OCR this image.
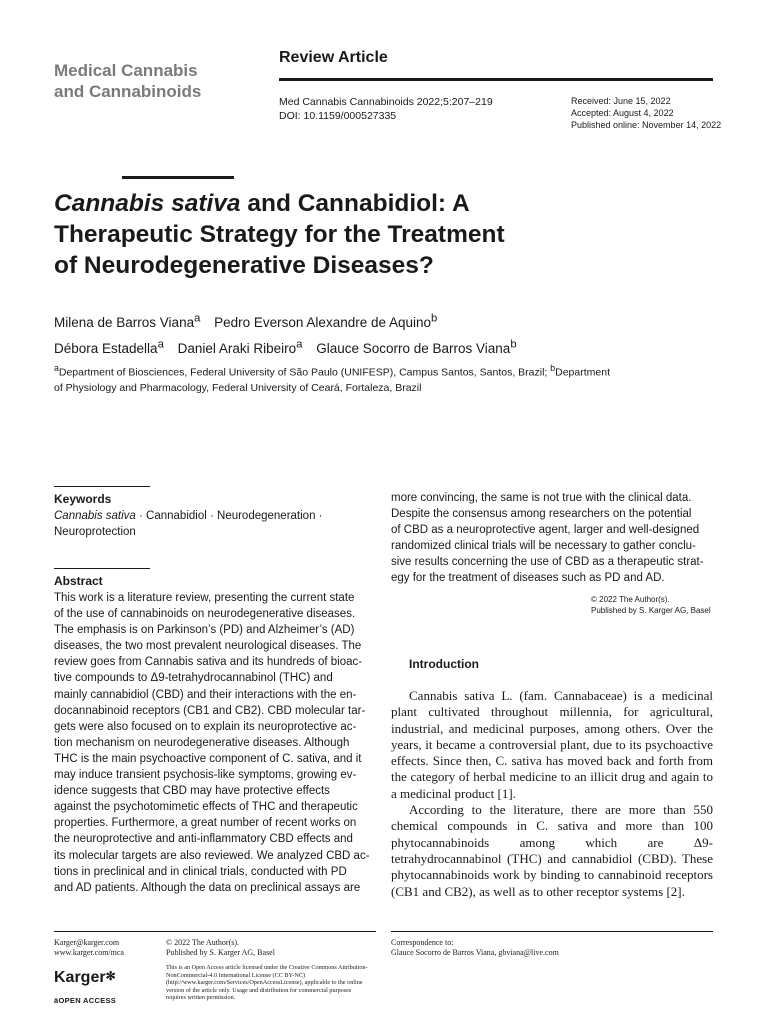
Medical Cannabis
and Cannabinoids
Review Article
Med Cannabis Cannabinoids 2022;5:207–219
DOI: 10.1159/000527335
Received: June 15, 2022
Accepted: August 4, 2022
Published online: November 14, 2022
Cannabis sativa and Cannabidiol: A
Therapeutic Strategy for the Treatment
of Neurodegenerative Diseases?
Milena de Barros Viana$^a$ Pedro Everson Alexandre de Aquino$^b$
Débora Estadella$^a$ Daniel Araki Ribeiro$^a$ Glauce Socorro de Barros Viana$^b$
$^a$Department of Biosciences, Federal University of São Paulo (UNIFESP), Campus Santos, Santos, Brazil; $^b$Department of Physiology and Pharmacology, Federal University of Ceará, Fortaleza, Brazil
Keywords
Cannabis sativa · Cannabidiol · Neurodegeneration ·
Neuroprotection
Abstract
This work is a literature review, presenting the current state
of the use of cannabinoids on neurodegenerative diseases.
The emphasis is on Parkinson’s (PD) and Alzheimer’s (AD)
diseases, the two most prevalent neurological diseases. The
review goes from Cannabis sativa and its hundreds of bioac-
tive compounds to Δ9-tetrahydrocannabinol (THC) and
mainly cannabidiol (CBD) and their interactions with the en-
docannabinoid receptors (CB1 and CB2). CBD molecular tar-
gets were also focused on to explain its neuroprotective ac-
tion mechanism on neurodegenerative diseases. Although
THC is the main psychoactive component of C. sativa, and it
may induce transient psychosis-like symptoms, growing ev-
idence suggests that CBD may have protective effects
against the psychotomimetic effects of THC and therapeutic
properties. Furthermore, a great number of recent works on
the neuroprotective and anti-inflammatory CBD effects and
its molecular targets are also reviewed. We analyzed CBD ac-
tions in preclinical and in clinical trials, conducted with PD
and AD patients. Although the data on preclinical assays are
more convincing, the same is not true with the clinical data.
Despite the consensus among researchers on the potential
of CBD as a neuroprotective agent, larger and well-designed
randomized clinical trials will be necessary to gather conclu-
sive results concerning the use of CBD as a therapeutic strat-
egy for the treatment of diseases such as PD and AD.
© 2022 The Author(s).
Published by S. Karger AG, Basel
Introduction

Cannabis sativa L. (fam. Cannabaceae) is a medicinal plant cultivated throughout millennia, for agricultural, industrial, and medicinal purposes, among others. Over the years, it became a controversial plant, due to its psychoactive effects. Since then, C. sativa has moved back and forth from the category of herbal medicine to an illicit drug and again to a medicinal product [1].

According to the literature, there are more than 550 chemical compounds in C. sativa and more than 100 phytocannabinoids among which are Δ9-tetrahydrocannabinol (THC) and cannabidiol (CBD). These phytocannabinoids work by binding to cannabinoid receptors (CB1 and CB2), as well as to other receptor systems [2].

Karger@karger.com
www.karger.com/mca
Karger✻
äOPEN ACCESS
© 2022 The Author(s).
Published by S. Karger AG, Basel
This is an Open Access article licensed under the Creative Commons Attribution-NonCommercial-4.0 International License (CC BY-NC) (http://www.karger.com/Services/OpenAccessLicense), applicable to the online version of the article only. Usage and distribution for commercial purposes requires written permission.
Correspondence to:
Glauce Socorro de Barros Viana, gbviana@live.com
